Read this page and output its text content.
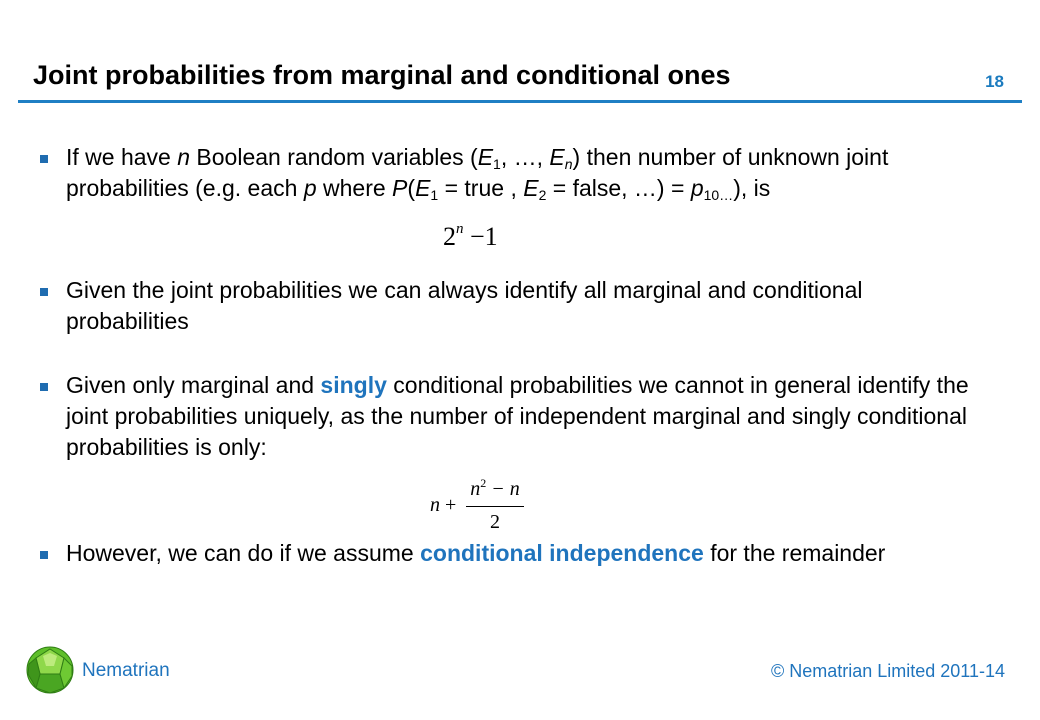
Joint probabilities from marginal and conditional ones	18
If we have n Boolean random variables ($E_1$, …, $E_n$) then number of unknown joint probabilities (e.g. each p where $P(E_1$ = true , $E_2$ = false, …) = $p_{10\dots}$), is
$2^n -1$
Given the joint probabilities we can always identify all marginal and conditional probabilities
Given only marginal and singly conditional probabilities we cannot in general identify the joint probabilities uniquely, as the number of independent marginal and singly conditional probabilities is only:
n +
$n^2 - n$
2
However, we can do if we assume conditional independence for the remainder
Nematrian	© Nematrian Limited 2011-14
